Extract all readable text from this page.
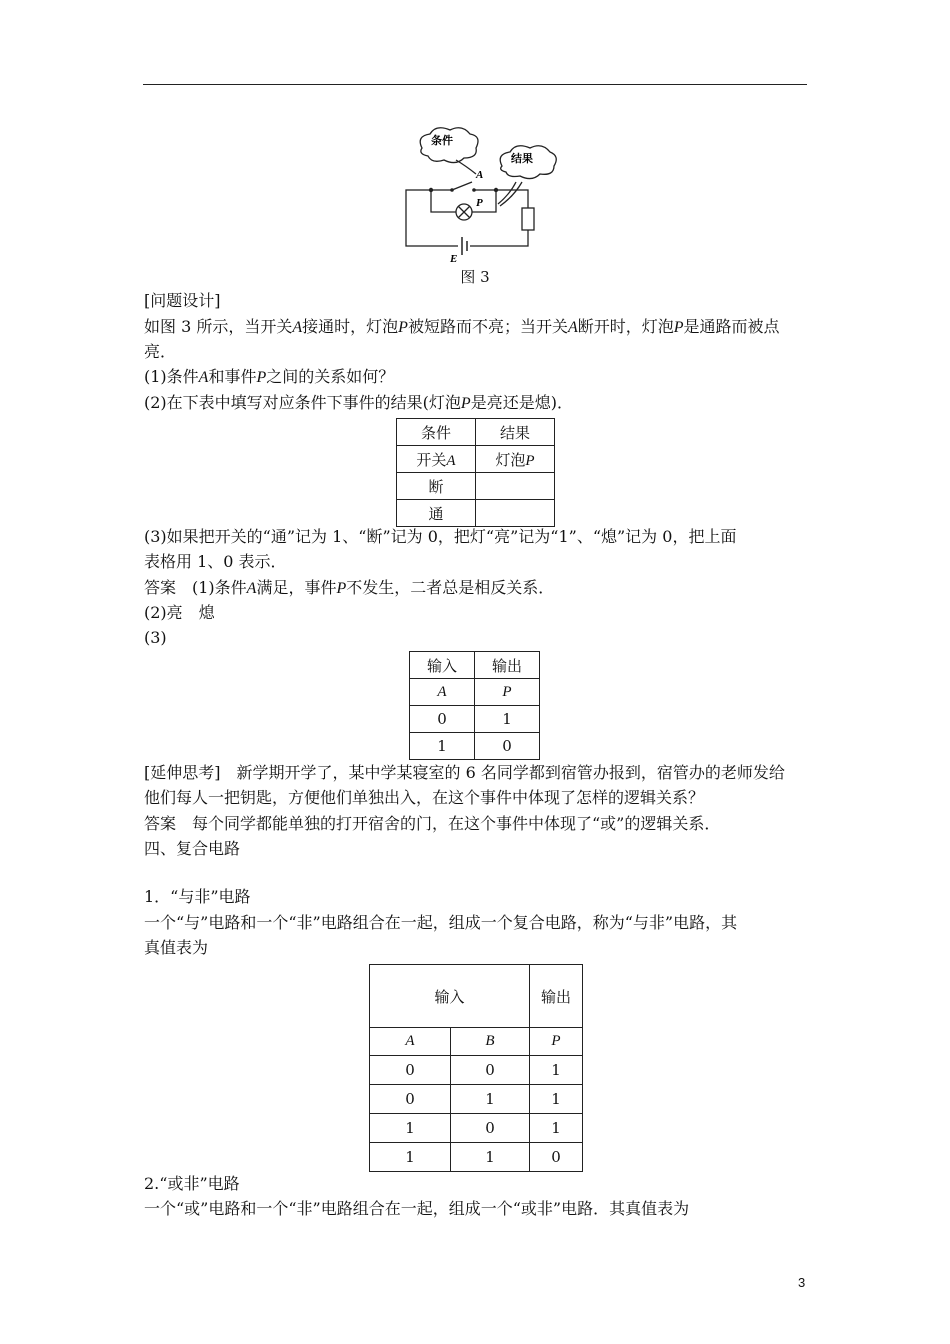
条件
结果
A
P
E
图 3
[问题设计]
如图 3 所示，当开关A接通时，灯泡P被短路而不亮；当开关A断开时，灯泡P是通路而被点
亮．
(1)条件A和事件P之间的关系如何？
(2)在下表中填写对应条件下事件的结果(灯泡P是亮还是熄)．
条件	结果
开关A	灯泡P
断	
通	
(3)如果把开关的“通”记为 1、“断”记为 0，把灯“亮”记为“1”、“熄”记为 0，把上面
表格用 1、0 表示．
答案　(1)条件A满足，事件P不发生，二者总是相反关系．
(2)亮　熄
(3)
输入	输出
A	P
0	1
1	0
[延伸思考]　新学期开学了，某中学某寝室的 6 名同学都到宿管办报到，宿管办的老师发给
他们每人一把钥匙，方便他们单独出入，在这个事件中体现了怎样的逻辑关系？
答案　每个同学都能单独的打开宿舍的门，在这个事件中体现了“或”的逻辑关系．
四、复合电路
1．“与非”电路
一个“与”电路和一个“非”电路组合在一起，组成一个复合电路，称为“与非”电路，其
真值表为
输入		输出
A	B	P
0	0	1
0	1	1
1	0	1
1	1	0
2.“或非”电路
一个“或”电路和一个“非”电路组合在一起，组成一个“或非”电路．其真值表为
3
